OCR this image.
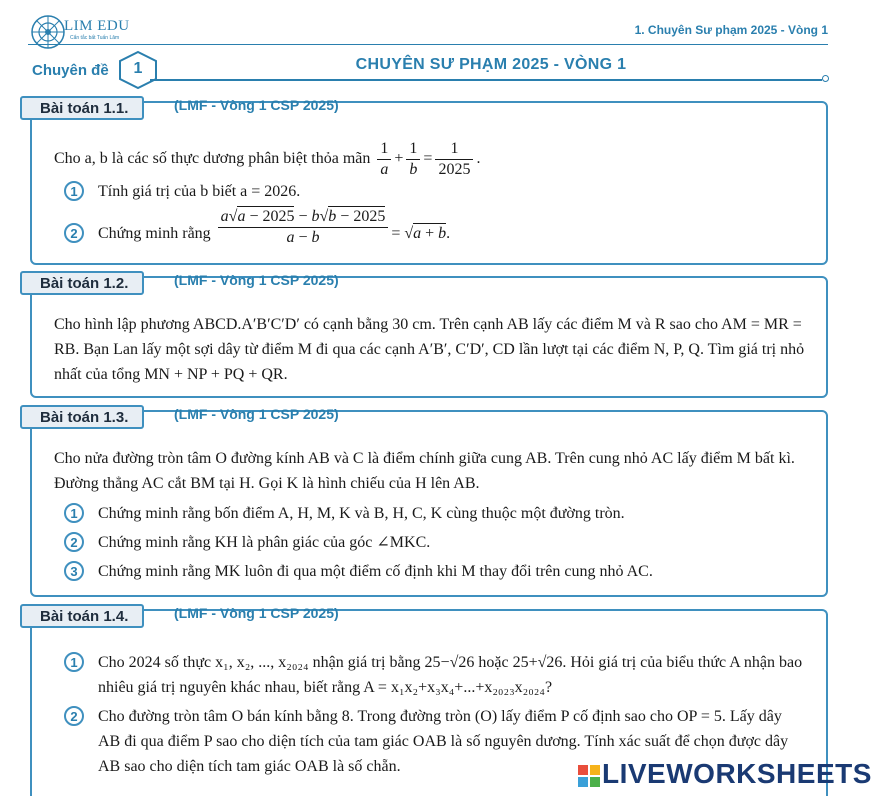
LIM EDU
Cẩn tắc bất Tuấn Lâm
1. Chuyên Sư phạm 2025 - Vòng 1
Chuyên đề	1	CHUYÊN SƯ PHẠM 2025 - VÒNG 1
Bài toán 1.1.	(LMF - Vòng 1 CSP 2025)
Cho a, b là các số thực dương phân biệt thỏa mãn $\frac{1}{a} + \frac{1}{b} = \frac{1}{2025}$ .
1	Tính giá trị của b biết a = 2026.
2	Chứng minh rằng $\frac{a√a - 2025 - b√b - 2025}{a - b} = √a + b$.
Bài toán 1.2.	(LMF - Vòng 1 CSP 2025)
Cho hình lập phương ABCD.A′B′C′D′ có cạnh bằng 30 cm. Trên cạnh AB lấy các điểm M và R sao cho AM = MR = RB. Bạn Lan lấy một sợi dây từ điểm M đi qua các cạnh A′B′, C′D′, CD lần lượt tại các điểm N, P, Q. Tìm giá trị nhỏ nhất của tổng MN + NP + PQ + QR.
Bài toán 1.3.	(LMF - Vòng 1 CSP 2025)
Cho nửa đường tròn tâm O đường kính AB và C là điểm chính giữa cung AB. Trên cung nhỏ AC lấy điểm M bất kì. Đường thẳng AC cắt BM tại H. Gọi K là hình chiếu của H lên AB.
1	Chứng minh rằng bốn điểm A, H, M, K và B, H, C, K cùng thuộc một đường tròn.
2	Chứng minh rằng KH là phân giác của góc ∠MKC.
3	Chứng minh rằng MK luôn đi qua một điểm cố định khi M thay đổi trên cung nhỏ AC.
Bài toán 1.4.	(LMF - Vòng 1 CSP 2025)
1	Cho 2024 số thực x₁, x₂, ..., x₂₀₂₄ nhận giá trị bằng 25−√26 hoặc 25+√26. Hỏi giá trị của biểu thức A nhận bao nhiêu giá trị nguyên khác nhau, biết rằng A = x₁x₂+x₃x₄+...+x₂₀₂₃x₂₀₂₄?
2	Cho đường tròn tâm O bán kính bằng 8. Trong đường tròn (O) lấy điểm P cố định sao cho OP = 5. Lấy dây AB đi qua điểm P sao cho diện tích của tam giác OAB là số nguyên dương. Tính xác suất để chọn được dây AB sao cho diện tích tam giác OAB là số chẵn.	LIVEWORKSHEETS
